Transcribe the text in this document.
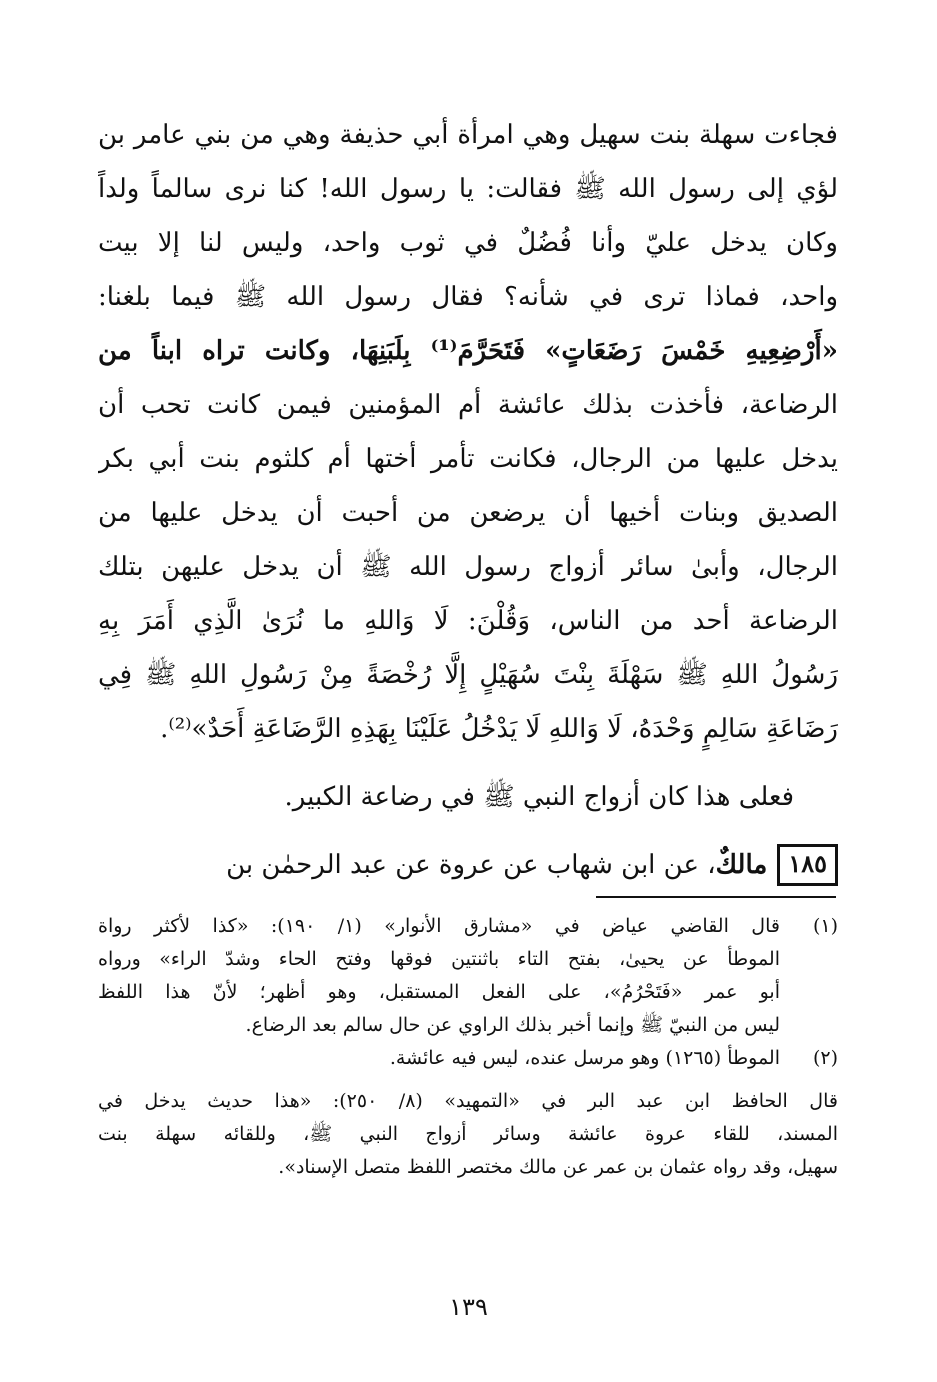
فجاءت سهلة بنت سهيل وهي امرأة أبي حذيفة وهي من بني عامر بن
لؤي إلى رسول الله ﷺ فقالت: يا رسول الله! كنا نرى سالماً ولداً
وكان يدخل عليّ وأنا فُضُلٌ في ثوب واحد، وليس لنا إلا بيت
واحد، فماذا ترى في شأنه؟ فقال رسول الله ﷺ فيما بلغنا:
«أَرْضِعِيهِ خَمْسَ رَضَعَاتٍ» فَتَحَرَّمَ⁽¹⁾ بِلَبَنِهَا، وكانت تراه ابناً من
الرضاعة، فأخذت بذلك عائشة أم المؤمنين فيمن كانت تحب أن
يدخل عليها من الرجال، فكانت تأمر أختها أم كلثوم بنت أبي بكر
الصديق وبنات أخيها أن يرضعن من أحبت أن يدخل عليها من
الرجال، وأبىٰ سائر أزواج رسول الله ﷺ أن يدخل عليهن بتلك
الرضاعة أحد من الناس، وَقُلْنَ: لَا وَاللهِ ما نُرَىٰ الَّذِي أَمَرَ بِهِ
رَسُولُ اللهِ ﷺ سَهْلَةَ بِنْتَ سُهَيْلٍ إِلَّا رُخْصَةً مِنْ رَسُولِ اللهِ ﷺ فِي
رَضَاعَةِ سَالِمٍ وَحْدَهُ، لَا وَاللهِ لَا يَدْخُلُ عَلَيْنَا بِهَذِهِ الرَّضَاعَةِ أَحَدٌ»⁽²⁾.
فعلى هذا كان أزواج النبي ﷺ في رضاعة الكبير.
١٨٥
مالكٌ، عن ابن شهاب عن عروة عن عبد الرحمٰن بن
(١)
قال القاضي عياض في «مشارق الأنوار» (١/ ١٩٠): «كذا لأكثر رواة
الموطأ عن يحيىٰ، بفتح التاء باثنتين فوقها وفتح الحاء وشدّ الراء» ورواه
أبو عمر «فَتَحْرُمُ»، على الفعل المستقبل، وهو أظهر؛ لأنّ هذا اللفظ
ليس من النبيّ ﷺ وإنما أخبر بذلك الراوي عن حال سالم بعد الرضاع.
(٢)
الموطأ (١٢٦٥) وهو مرسل عنده، ليس فيه عائشة.
قال الحافظ ابن عبد البر في «التمهيد» (٨/ ٢٥٠): «هذا حديث يدخل في
المسند، للقاء عروة عائشة وسائر أزواج النبي ﷺ، وللقائه سهلة بنت
سهيل، وقد رواه عثمان بن عمر عن مالك مختصر اللفظ متصل الإسناد».
١٣٩
